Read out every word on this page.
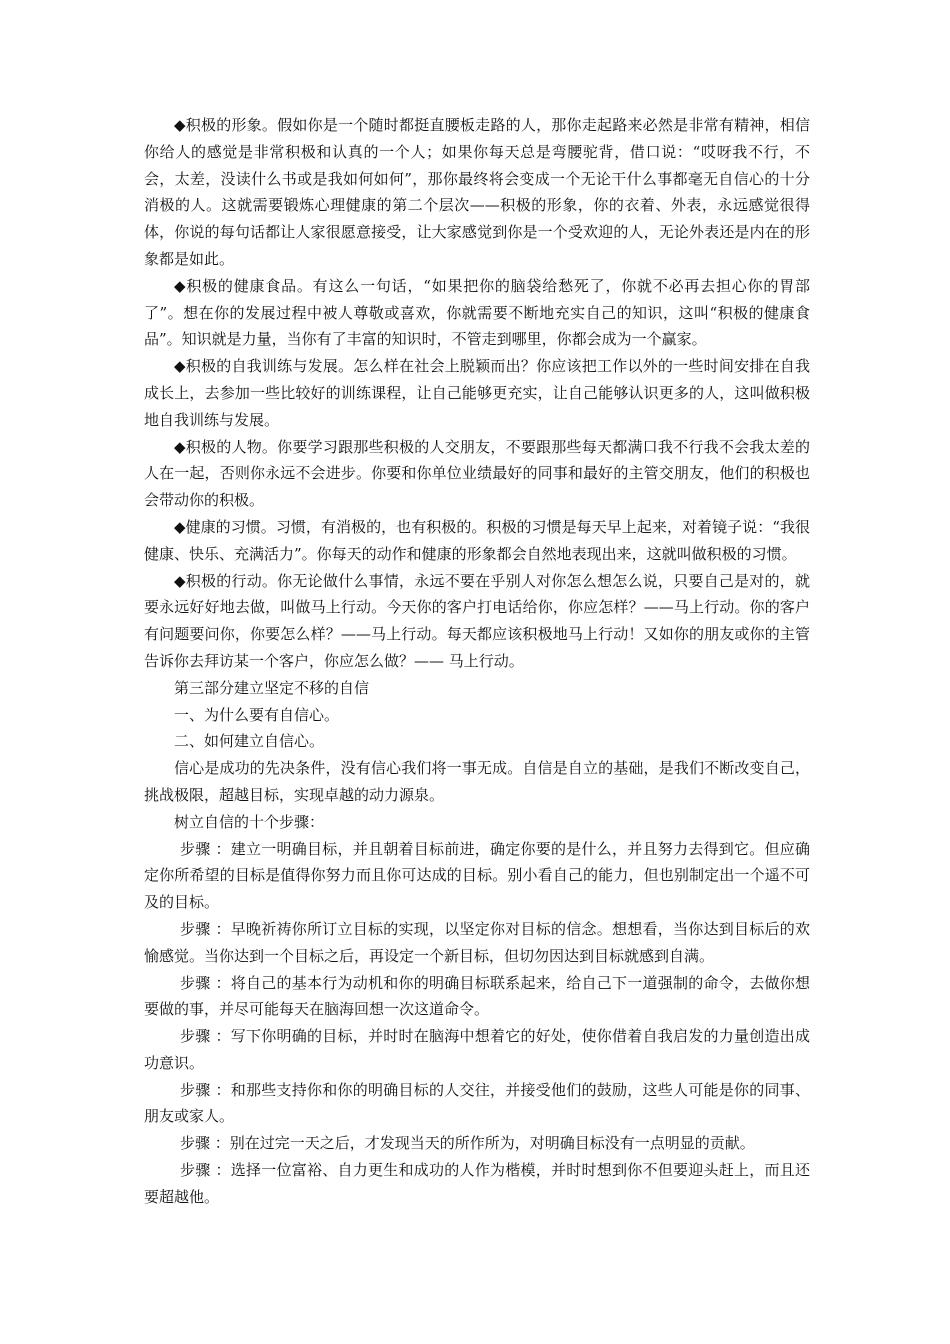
◆积极的形象。假如你是一个随时都挺直腰板走路的人，那你走起路来必然是非常有精神，相信你给人的感觉是非常积极和认真的一个人；如果你每天总是弯腰驼背，借口说：“哎呀我不行，不会，太差，没读什么书或是我如何如何”，那你最终将会变成一个无论干什么事都毫无自信心的十分消极的人。这就需要锻炼心理健康的第二个层次——积极的形象，你的衣着、外表，永远感觉很得体，你说的每句话都让人家很愿意接受，让大家感觉到你是一个受欢迎的人，无论外表还是内在的形象都是如此。

◆积极的健康食品。有这么一句话，“如果把你的脑袋给愁死了，你就不必再去担心你的胃部了”。想在你的发展过程中被人尊敬或喜欢，你就需要不断地充实自己的知识，这叫“积极的健康食品”。知识就是力量，当你有了丰富的知识时，不管走到哪里，你都会成为一个赢家。

◆积极的自我训练与发展。怎么样在社会上脱颖而出？你应该把工作以外的一些时间安排在自我成长上，去参加一些比较好的训练课程，让自己能够更充实，让自己能够认识更多的人，这叫做积极地自我训练与发展。

◆积极的人物。你要学习跟那些积极的人交朋友，不要跟那些每天都满口我不行我不会我太差的人在一起，否则你永远不会进步。你要和你单位业绩最好的同事和最好的主管交朋友，他们的积极也会带动你的积极。

◆健康的习惯。习惯，有消极的，也有积极的。积极的习惯是每天早上起来，对着镜子说：“我很健康、快乐、充满活力”。你每天的动作和健康的形象都会自然地表现出来，这就叫做积极的习惯。

◆积极的行动。你无论做什么事情，永远不要在乎别人对你怎么想怎么说，只要自己是对的，就要永远好好地去做，叫做马上行动。今天你的客户打电话给你，你应怎样？——马上行动。你的客户有问题要问你，你要怎么样？——马上行动。每天都应该积极地马上行动！又如你的朋友或你的主管告诉你去拜访某一个客户，你应怎么做？—— 马上行动。

第三部分建立坚定不移的自信

一、为什么要有自信心。

二、如何建立自信心。

信心是成功的先决条件，没有信心我们将一事无成。自信是自立的基础，是我们不断改变自己，挑战极限，超越目标，实现卓越的动力源泉。

树立自信的十个步骤：

步骤 ：建立一明确目标，并且朝着目标前进，确定你要的是什么，并且努力去得到它。但应确定你所希望的目标是值得你努力而且你可达成的目标。别小看自己的能力，但也别制定出一个遥不可及的目标。

步骤 ：早晚祈祷你所订立目标的实现，以坚定你对目标的信念。想想看，当你达到目标后的欢愉感觉。当你达到一个目标之后，再设定一个新目标，但切勿因达到目标就感到自满。

步骤 ：将自己的基本行为动机和你的明确目标联系起来，给自己下一道强制的命令，去做你想要做的事，并尽可能每天在脑海回想一次这道命令。

步骤 ：写下你明确的目标，并时时在脑海中想着它的好处，使你借着自我启发的力量创造出成功意识。

步骤 ：和那些支持你和你的明确目标的人交往，并接受他们的鼓励，这些人可能是你的同事、朋友或家人。

步骤 ：别在过完一天之后，才发现当天的所作所为，对明确目标没有一点明显的贡献。

步骤 ：选择一位富裕、自力更生和成功的人作为楷模，并时时想到你不但要迎头赶上，而且还要超越他。
